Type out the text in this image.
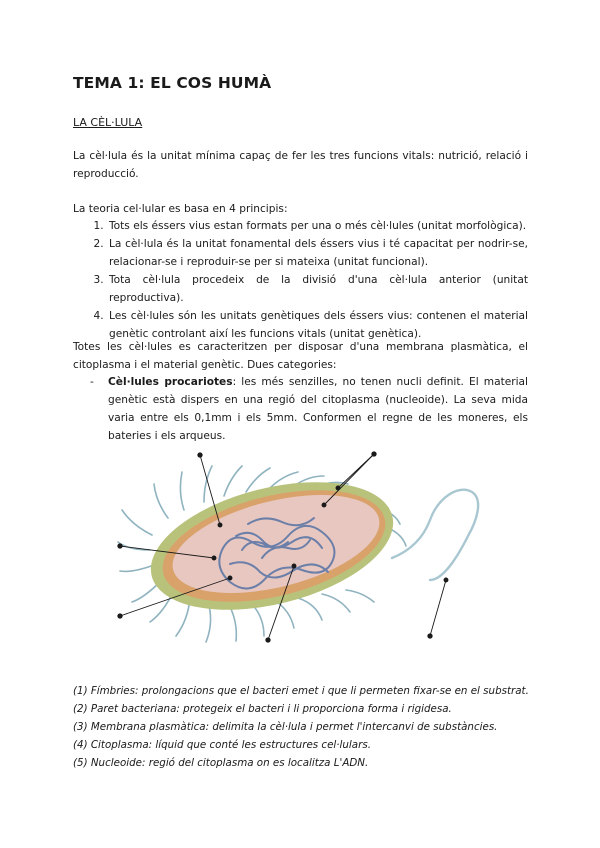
TEMA 1: EL COS HUMÀ
LA CÈL·LULA
La cèl·lula és la unitat mínima capaç de fer les tres funcions vitals: nutrició, relació i reproducció.
La teoria cel·lular es basa en 4 principis:
1. Tots els éssers vius estan formats per una o més cèl·lules (unitat morfològica).
2. La cèl·lula és la unitat fonamental dels éssers vius i té capacitat per nodrir-se, relacionar-se i reproduir-se per si mateixa (unitat funcional).
3. Tota cèl·lula procedeix de la divisió d'una cèl·lula anterior (unitat reproductiva).
4. Les cèl·lules són les unitats genètiques dels éssers vius: contenen el material genètic controlant així les funcions vitals (unitat genètica).
Totes les cèl·lules es caracteritzen per disposar d'una membrana plasmàtica, el citoplasma i el material genètic. Dues categories:
- Cèl·lules procariotes: les més senzilles, no tenen nucli definit. El material genètic està dispers en una regió del citoplasma (nucleoide). La seva mida varia entre els 0,1mm i els 5mm. Conformen el regne de les moneres, els bateries i els arqueus.
(1) Fímbries: prolongacions que el bacteri emet i que li permeten fixar-se en el substrat.
(2) Paret bacteriana: protegeix el bacteri i li proporciona forma i rigidesa.
(3) Membrana plasmàtica: delimita la cèl·lula i permet l'intercanvi de substàncies.
(4) Citoplasma: líquid que conté les estructures cel·lulars.
(5) Nucleoide: regió del citoplasma on es localitza L'ADN.
